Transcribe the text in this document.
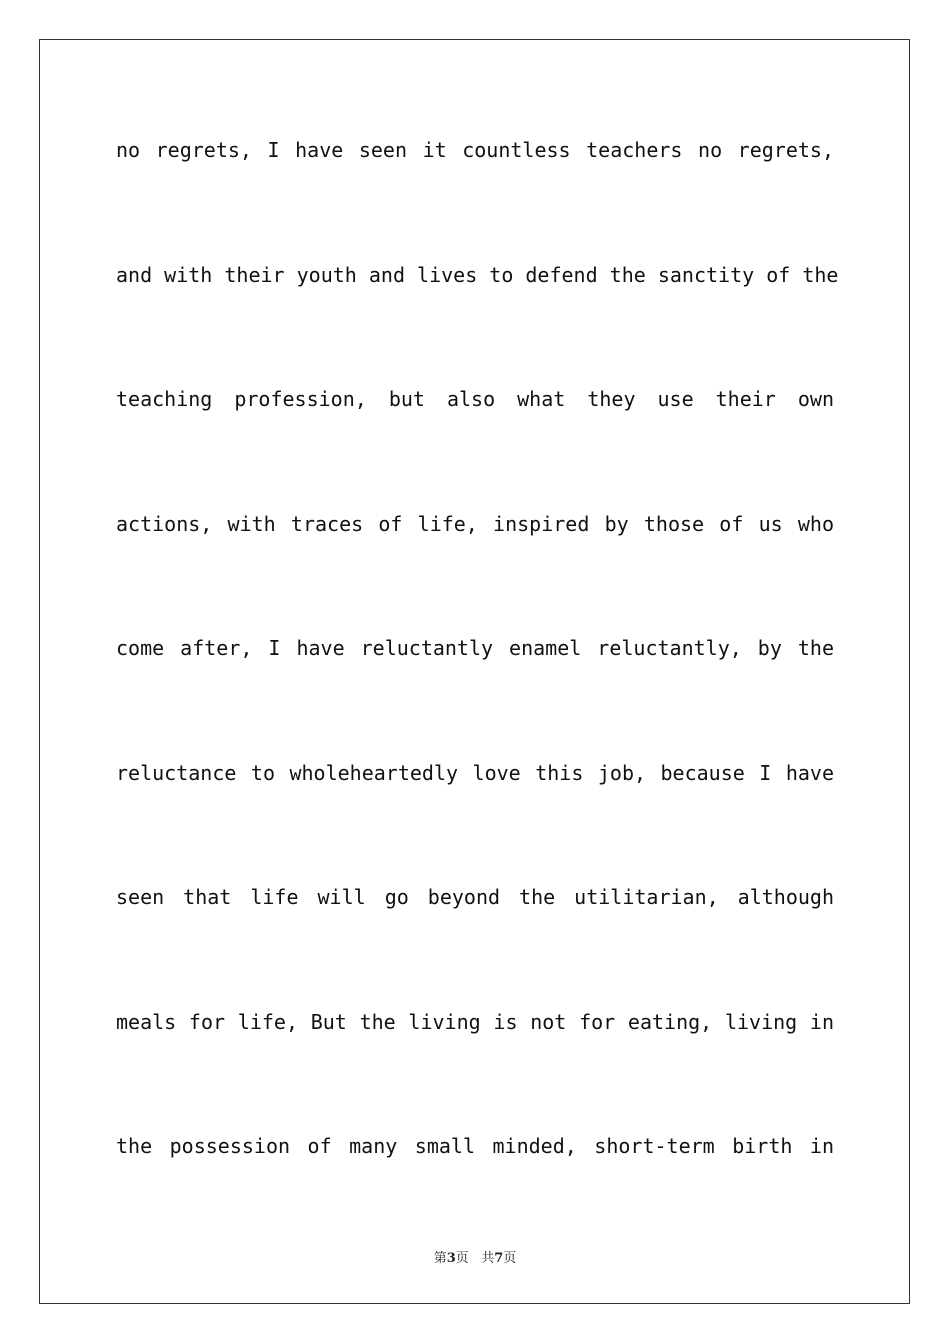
no regrets, I have seen it countless teachers no regrets,
and with their youth and lives to defend the sanctity of the
teaching profession, but also what they use their own
actions, with traces of life, inspired by those of us who
come after, I have reluctantly enamel reluctantly, by the
reluctance to wholeheartedly love this job, because I have
seen that life will go beyond the utilitarian, although
meals for life, But the living is not for eating, living in
the possession of many small minded, short-term birth in
第3页 共7页
